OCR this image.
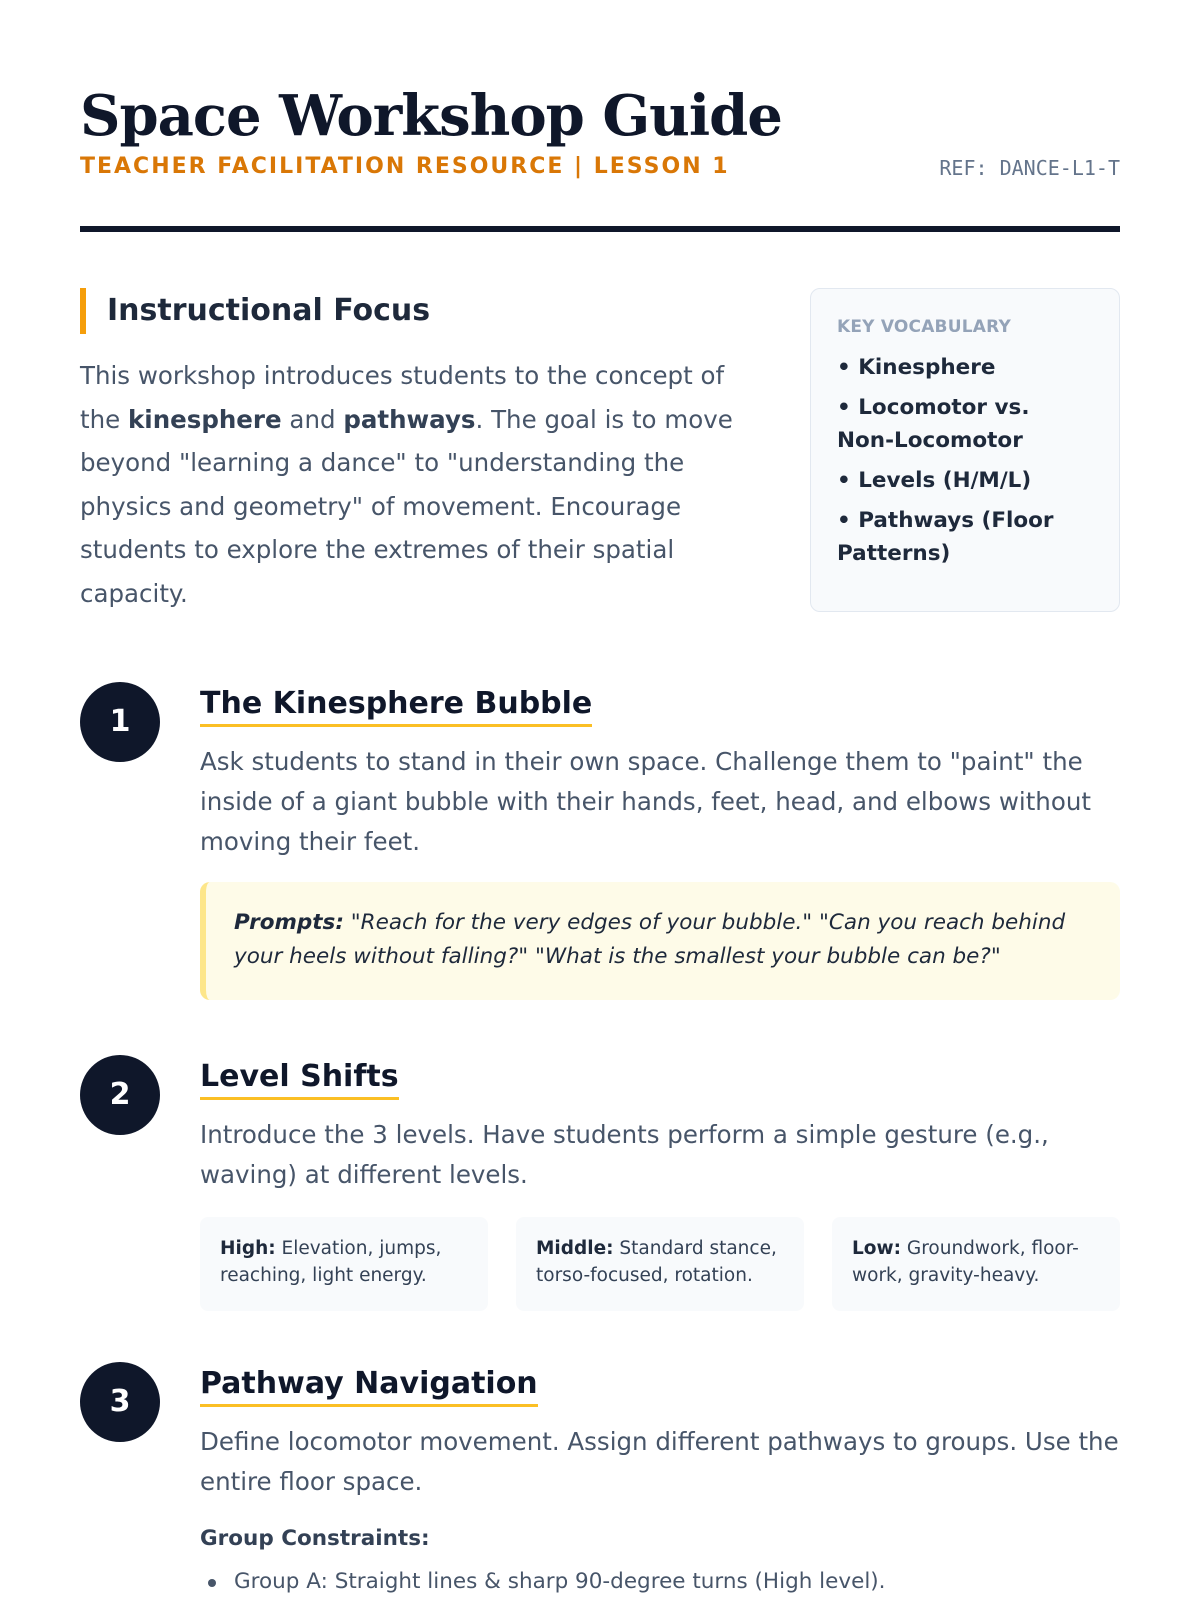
Space Workshop Guide
TEACHER FACILITATION RESOURCE | LESSON 1	REF: DANCE-L1-T
Instructional Focus

This workshop introduces students to the concept of the kinesphere and pathways. The goal is to move beyond "learning a dance" to "understanding the physics and geometry" of movement. Encourage students to explore the extremes of their spatial capacity.

KEY VOCABULARY
• Kinesphere
• Locomotor vs. Non-Locomotor
• Levels (H/M/L)
• Pathways (Floor Patterns)
1
The Kinesphere Bubble

Ask students to stand in their own space. Challenge them to "paint" the inside of a giant bubble with their hands, feet, head, and elbows without moving their feet.

Prompts: "Reach for the very edges of your bubble." "Can you reach behind your heels without falling?" "What is the smallest your bubble can be?"
2
Level Shifts

Introduce the 3 levels. Have students perform a simple gesture (e.g., waving) at different levels.

High: Elevation, jumps, reaching, light energy.
Middle: Standard stance, torso-focused, rotation.
Low: Groundwork, floor-work, gravity-heavy.
3
Pathway Navigation

Define locomotor movement. Assign different pathways to groups. Use the entire floor space.

Group Constraints:
Group A: Straight lines & sharp 90-degree turns (High level).
